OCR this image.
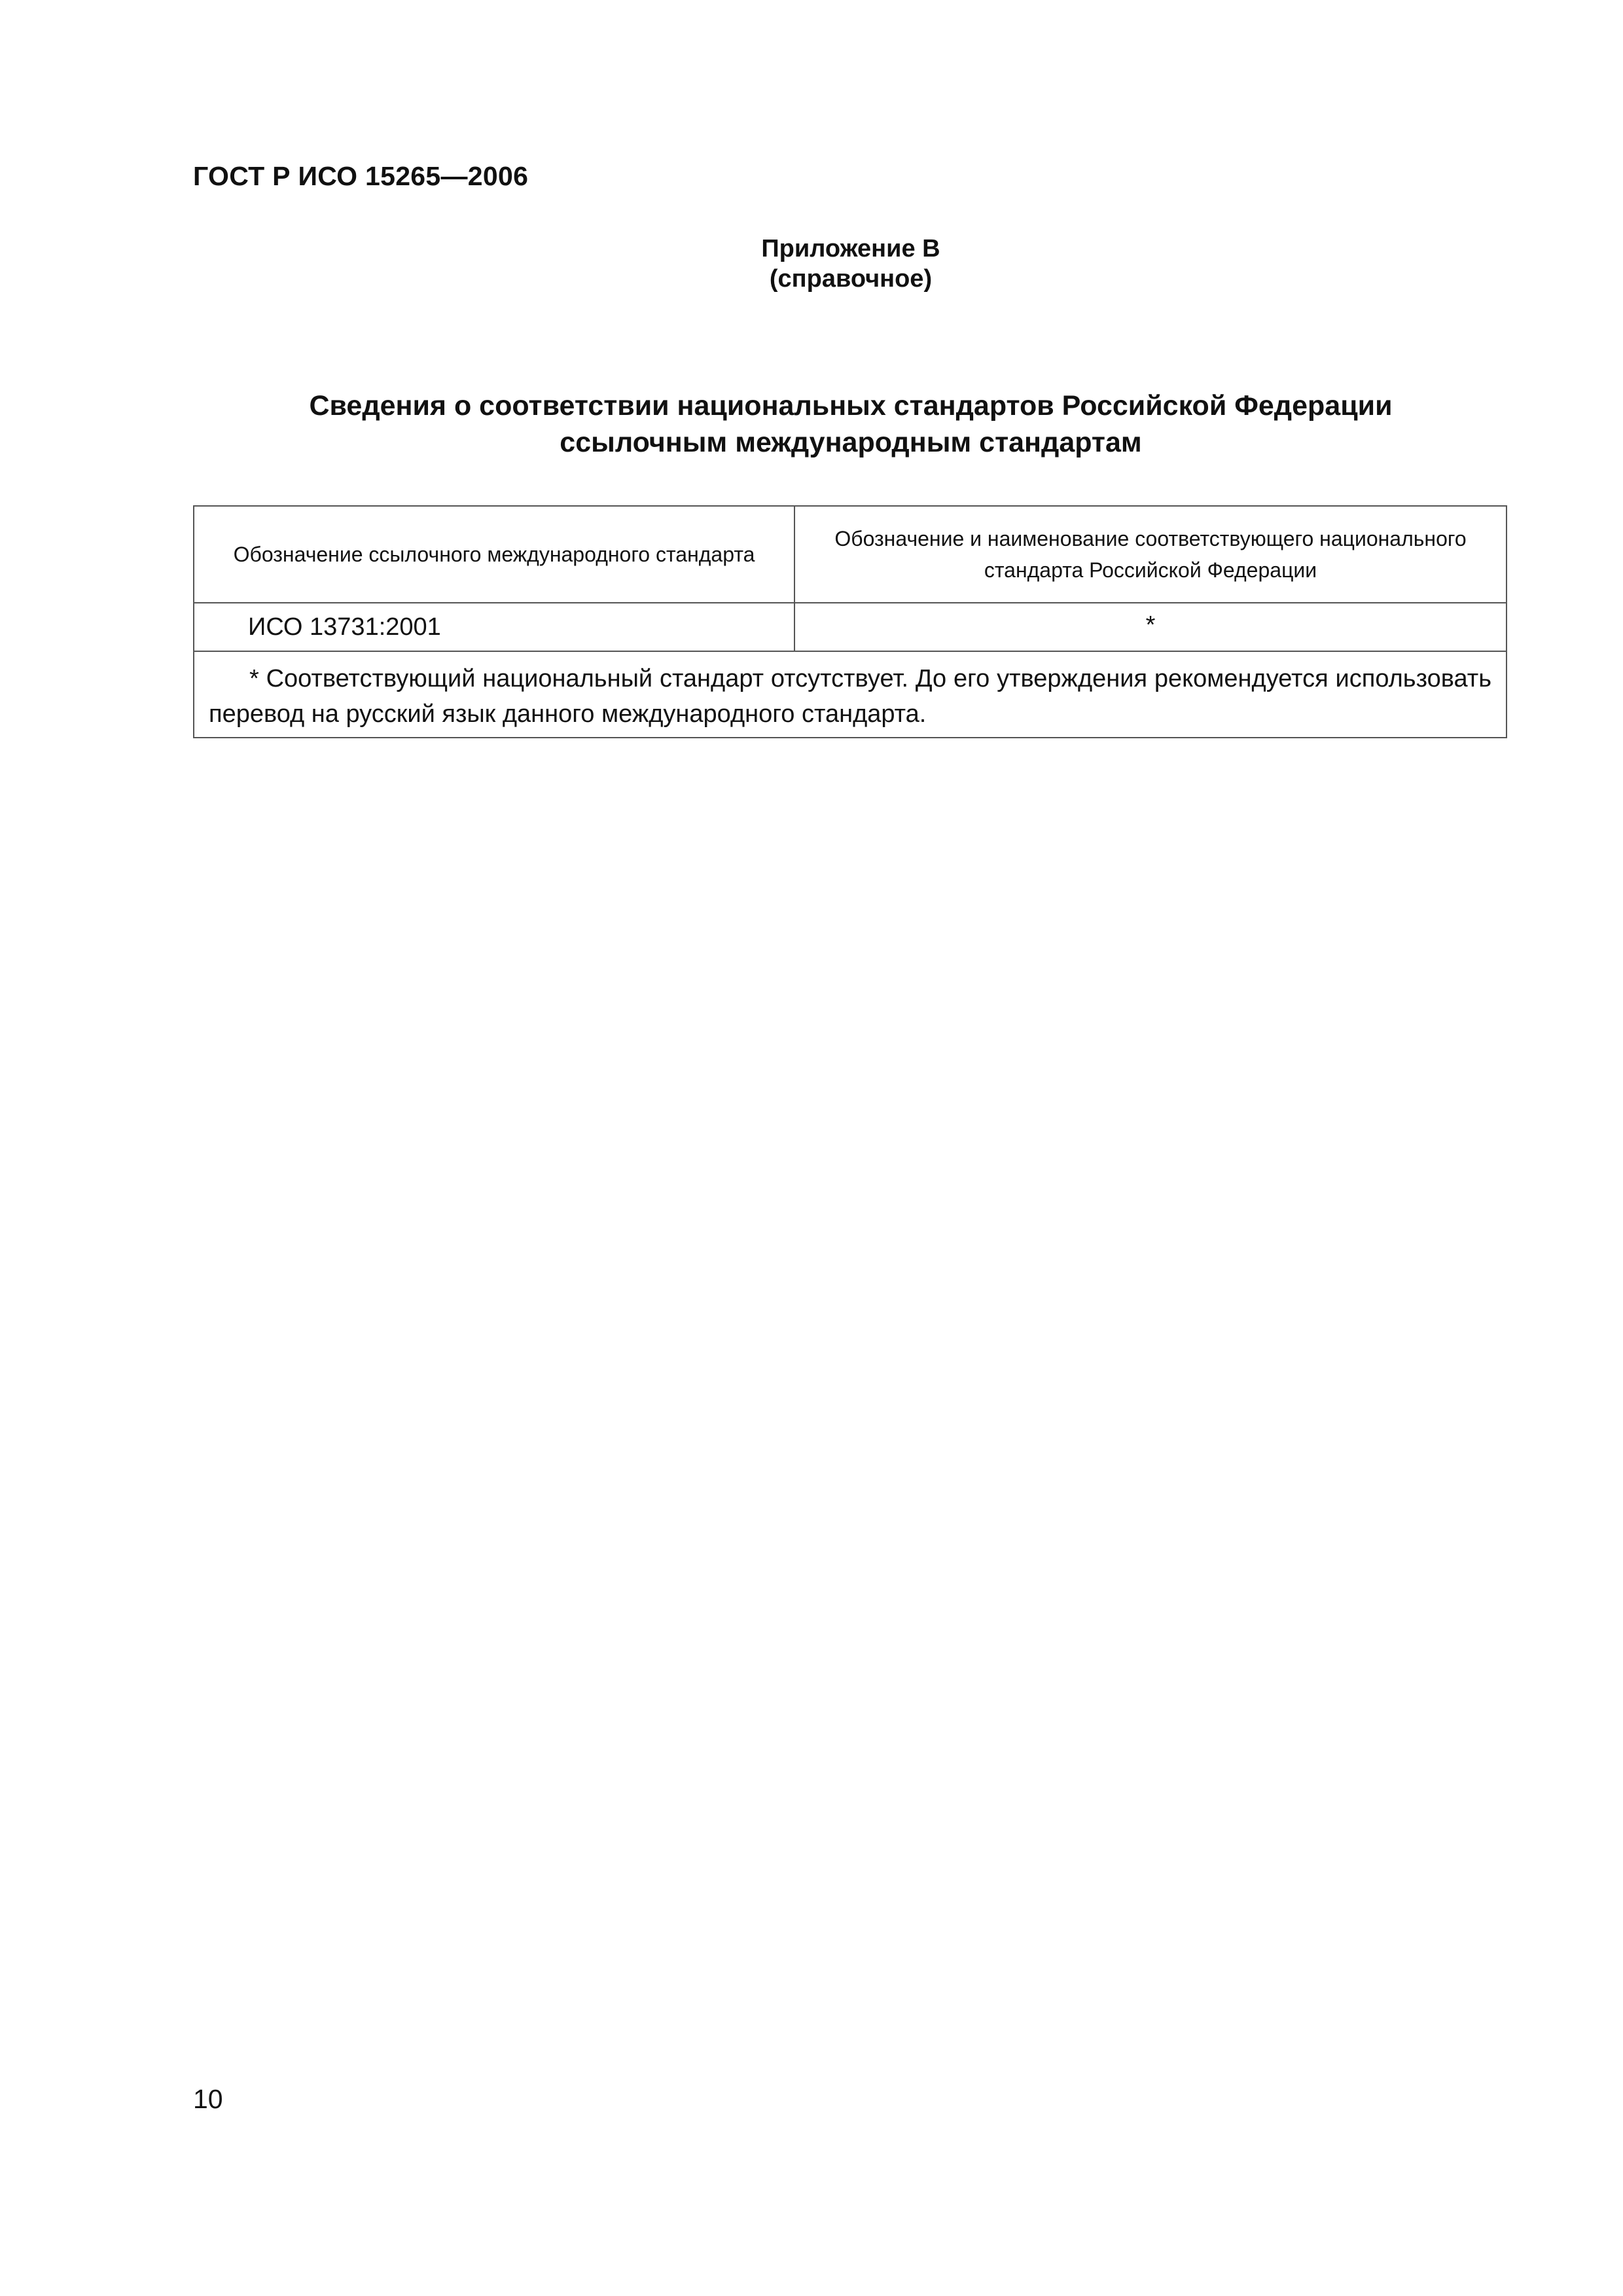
ГОСТ Р ИСО 15265—2006
Приложение В
(справочное)
Сведения о соответствии национальных стандартов Российской Федерации
ссылочным международным стандартам
Обозначение ссылочного международного стандарта	Обозначение и наименование соответствующего национального стандарта Российской Федерации
ИСО 13731:2001	*
* Соответствующий национальный стандарт отсутствует. До его утверждения рекомендуется использовать перевод на русский язык данного международного стандарта.	
10
